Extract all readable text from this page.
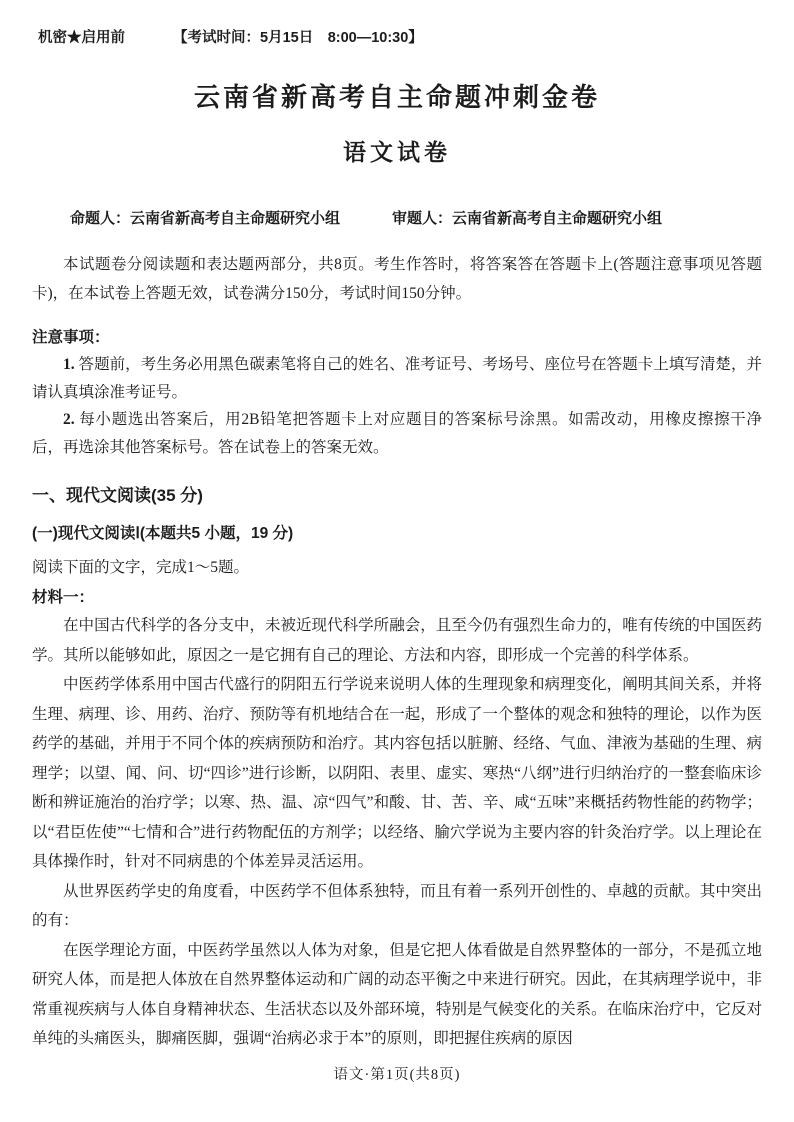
机密★启用前	【考试时间：5月15日　8:00—10:30】
云南省新高考自主命题冲刺金卷
语文试卷
命题人：云南省新高考自主命题研究小组	审题人：云南省新高考自主命题研究小组

本试题卷分阅读题和表达题两部分，共8页。考生作答时，将答案答在答题卡上(答题注意事项见答题卡)，在本试卷上答题无效，试卷满分150分，考试时间150分钟。

注意事项：

1. 答题前，考生务必用黑色碳素笔将自己的姓名、准考证号、考场号、座位号在答题卡上填写清楚，并请认真填涂准考证号。

2. 每小题选出答案后，用2B铅笔把答题卡上对应题目的答案标号涂黑。如需改动，用橡皮擦擦干净后，再选涂其他答案标号。答在试卷上的答案无效。

一、现代文阅读(35 分)
(一)现代文阅读Ⅰ(本题共5 小题，19 分)
阅读下面的文字，完成1～5题。
材料一：

在中国古代科学的各分支中，未被近现代科学所融会，且至今仍有强烈生命力的，唯有传统的中国医药学。其所以能够如此，原因之一是它拥有自己的理论、方法和内容，即形成一个完善的科学体系。

中医药学体系用中国古代盛行的阴阳五行学说来说明人体的生理现象和病理变化，阐明其间关系，并将生理、病理、诊、用药、治疗、预防等有机地结合在一起，形成了一个整体的观念和独特的理论，以作为医药学的基础，并用于不同个体的疾病预防和治疗。其内容包括以脏腑、经络、气血、津液为基础的生理、病理学；以望、闻、问、切“四诊”进行诊断，以阴阳、表里、虚实、寒热“八纲”进行归纳治疗的一整套临床诊断和辨证施治的治疗学；以寒、热、温、凉“四气”和酸、甘、苦、辛、咸“五味”来概括药物性能的药物学；以“君臣佐使”“七情和合”进行药物配伍的方剂学；以经络、腧穴学说为主要内容的针灸治疗学。以上理论在具体操作时，针对不同病患的个体差异灵活运用。

从世界医药学史的角度看，中医药学不但体系独特，而且有着一系列开创性的、卓越的贡献。其中突出的有：

在医学理论方面，中医药学虽然以人体为对象，但是它把人体看做是自然界整体的一部分，不是孤立地研究人体，而是把人体放在自然界整体运动和广阔的动态平衡之中来进行研究。因此，在其病理学说中，非常重视疾病与人体自身精神状态、生活状态以及外部环境，特别是气候变化的关系。在临床治疗中，它反对单纯的头痛医头，脚痛医脚，强调“治病必求于本”的原则，即把握住疾病的原因

语文·第1页(共8页)
